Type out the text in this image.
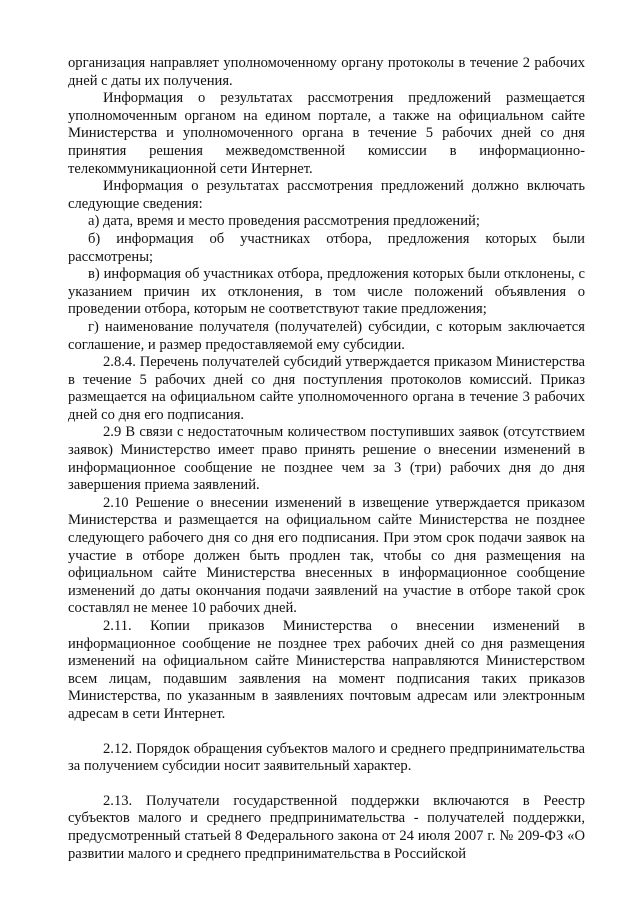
организация направляет уполномоченному органу протоколы в течение 2 рабочих дней с даты их получения.

Информация о результатах рассмотрения предложений размещается уполномоченным органом на едином портале, а также на официальном сайте Министерства и уполномоченного органа в течение 5 рабочих дней со дня принятия решения межведомственной комиссии в информационно-телекоммуникационной сети Интернет.

Информация о результатах рассмотрения предложений должно включать следующие сведения:

а) дата, время и место проведения рассмотрения предложений;

б) информация об участниках отбора, предложения которых были рассмотрены;

в) информация об участниках отбора, предложения которых были отклонены, с указанием причин их отклонения, в том числе положений объявления о проведении отбора, которым не соответствуют такие предложения;

г) наименование получателя (получателей) субсидии, с которым заключается соглашение, и размер предоставляемой ему субсидии.

2.8.4. Перечень получателей субсидий утверждается приказом Министерства в течение 5 рабочих дней со дня поступления протоколов комиссий. Приказ размещается на официальном сайте уполномоченного органа в течение 3 рабочих дней со дня его подписания.

2.9 В связи с недостаточным количеством поступивших заявок (отсутствием заявок) Министерство имеет право принять решение о внесении изменений в информационное сообщение не позднее чем за 3 (три) рабочих дня до дня завершения приема заявлений.

2.10 Решение о внесении изменений в извещение утверждается приказом Министерства и размещается на официальном сайте Министерства не позднее следующего рабочего дня со дня его подписания. При этом срок подачи заявок на участие в отборе должен быть продлен так, чтобы со дня размещения на официальном сайте Министерства внесенных в информационное сообщение изменений до даты окончания подачи заявлений на участие в отборе такой срок составлял не менее 10 рабочих дней.

2.11. Копии приказов Министерства о внесении изменений в информационное сообщение не позднее трех рабочих дней со дня размещения изменений на официальном сайте Министерства направляются Министерством всем лицам, подавшим заявления на момент подписания таких приказов Министерства, по указанным в заявлениях почтовым адресам или электронным адресам в сети Интернет.

2.12. Порядок обращения субъектов малого и среднего предпринимательства за получением субсидии носит заявительный характер.

2.13. Получатели государственной поддержки включаются в Реестр субъектов малого и среднего предпринимательства - получателей поддержки, предусмотренный статьей 8 Федерального закона от 24 июля 2007 г. № 209-ФЗ «О развитии малого и среднего предпринимательства в Российской
